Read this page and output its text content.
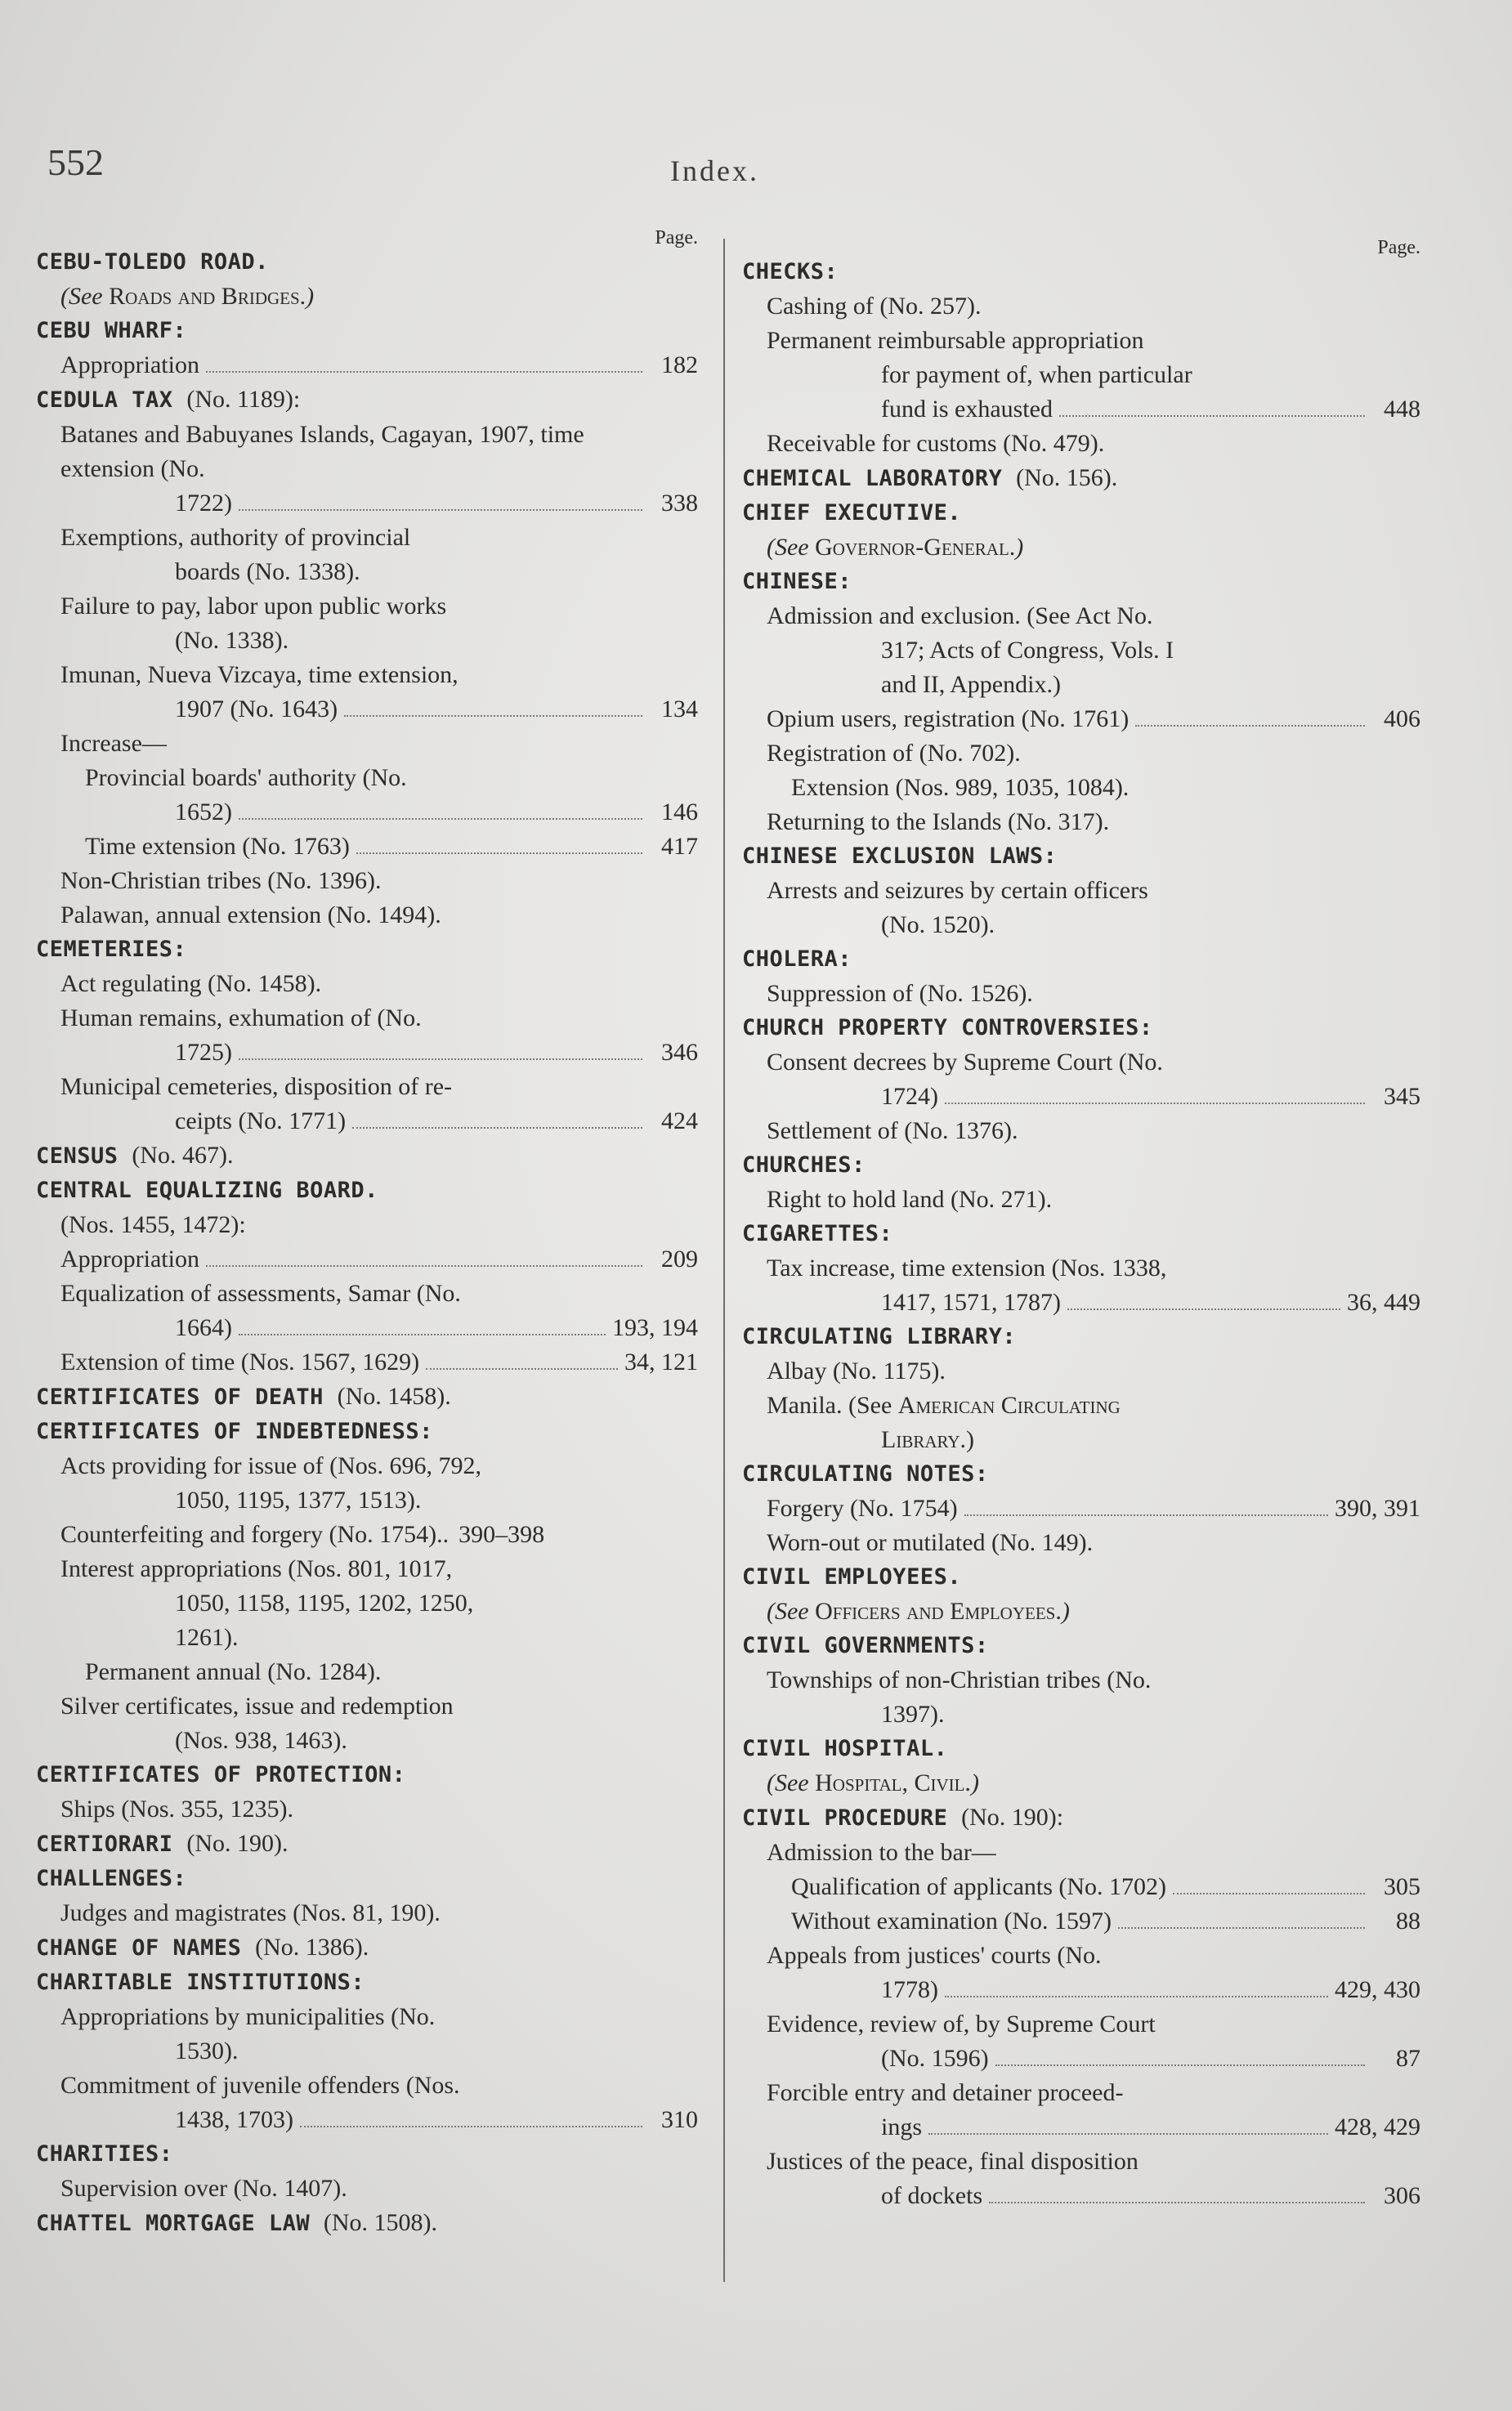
552	Index.
Page.
CEBU-TOLEDO ROAD.
(See Roads and Bridges.)
CEBU WHARF:
Appropriation	182
CEDULA TAX (No. 1189):
Batanes and Babuyanes Islands, Cagayan, 1907, time extension (No.
1722)	338
Exemptions, authority of provincial
boards (No. 1338).
Failure to pay, labor upon public works
(No. 1338).
Imunan, Nueva Vizcaya, time extension,
1907 (No. 1643)	134
Increase—
Provincial boards' authority (No.
1652)	146
Time extension (No. 1763)	417
Non-Christian tribes (No. 1396).
Palawan, annual extension (No. 1494).
CEMETERIES:
Act regulating (No. 1458).
Human remains, exhumation of (No.
1725)	346
Municipal cemeteries, disposition of re-
ceipts (No. 1771)	424
CENSUS (No. 467).
CENTRAL EQUALIZING BOARD.
(Nos. 1455, 1472):
Appropriation	209
Equalization of assessments, Samar (No.
1664)	193, 194
Extension of time (Nos. 1567, 1629)	34, 121
CERTIFICATES OF DEATH (No. 1458).
CERTIFICATES OF INDEBTEDNESS:
Acts providing for issue of (Nos. 696, 792,
1050, 1195, 1377, 1513).
Counterfeiting and forgery (No. 1754).. 390–398
Interest appropriations (Nos. 801, 1017,
1050, 1158, 1195, 1202, 1250,
1261).
Permanent annual (No. 1284).
Silver certificates, issue and redemption
(Nos. 938, 1463).
CERTIFICATES OF PROTECTION:
Ships (Nos. 355, 1235).
CERTIORARI (No. 190).
CHALLENGES:
Judges and magistrates (Nos. 81, 190).
CHANGE OF NAMES (No. 1386).
CHARITABLE INSTITUTIONS:
Appropriations by municipalities (No.
1530).
Commitment of juvenile offenders (Nos.
1438, 1703)	310
CHARITIES:
Supervision over (No. 1407).
CHATTEL MORTGAGE LAW (No. 1508).
Page.
CHECKS:
Cashing of (No. 257).
Permanent reimbursable appropriation
for payment of, when particular
fund is exhausted	448
Receivable for customs (No. 479).
CHEMICAL LABORATORY (No. 156).
CHIEF EXECUTIVE.
(See Governor-General.)
CHINESE:
Admission and exclusion. (See Act No.
317; Acts of Congress, Vols. I
and II, Appendix.)
Opium users, registration (No. 1761)	406
Registration of (No. 702).
Extension (Nos. 989, 1035, 1084).
Returning to the Islands (No. 317).
CHINESE EXCLUSION LAWS:
Arrests and seizures by certain officers
(No. 1520).
CHOLERA:
Suppression of (No. 1526).
CHURCH PROPERTY CONTROVERSIES:
Consent decrees by Supreme Court (No.
1724)	345
Settlement of (No. 1376).
CHURCHES:
Right to hold land (No. 271).
CIGARETTES:
Tax increase, time extension (Nos. 1338,
1417, 1571, 1787)	36, 449
CIRCULATING LIBRARY:
Albay (No. 1175).
Manila. (See American Circulating
Library.)
CIRCULATING NOTES:
Forgery (No. 1754)	390, 391
Worn-out or mutilated (No. 149).
CIVIL EMPLOYEES.
(See Officers and Employees.)
CIVIL GOVERNMENTS:
Townships of non-Christian tribes (No.
1397).
CIVIL HOSPITAL.
(See Hospital, Civil.)
CIVIL PROCEDURE (No. 190):
Admission to the bar—
Qualification of applicants (No. 1702)	305
Without examination (No. 1597)	88
Appeals from justices' courts (No.
1778)	429, 430
Evidence, review of, by Supreme Court
(No. 1596)	87
Forcible entry and detainer proceed-
ings	428, 429
Justices of the peace, final disposition
of dockets	306
